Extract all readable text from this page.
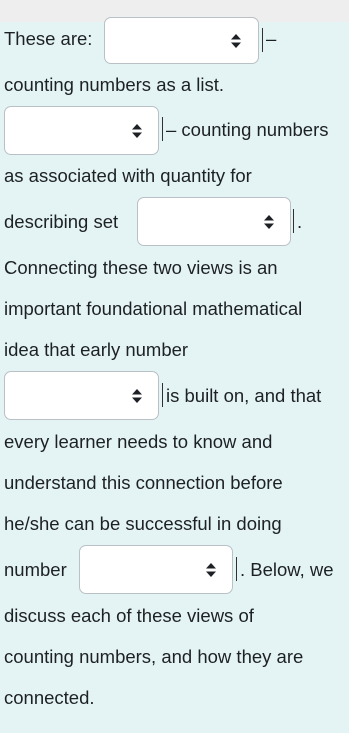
These are:	–
counting numbers as a list.
– counting numbers
as associated with quantity for
describing set	.
Connecting these two views is an
important foundational mathematical
idea that early number
is built on, and that
every learner needs to know and
understand this connection before
he/she can be successful in doing
number	. Below, we
discuss each of these views of
counting numbers, and how they are
connected.
